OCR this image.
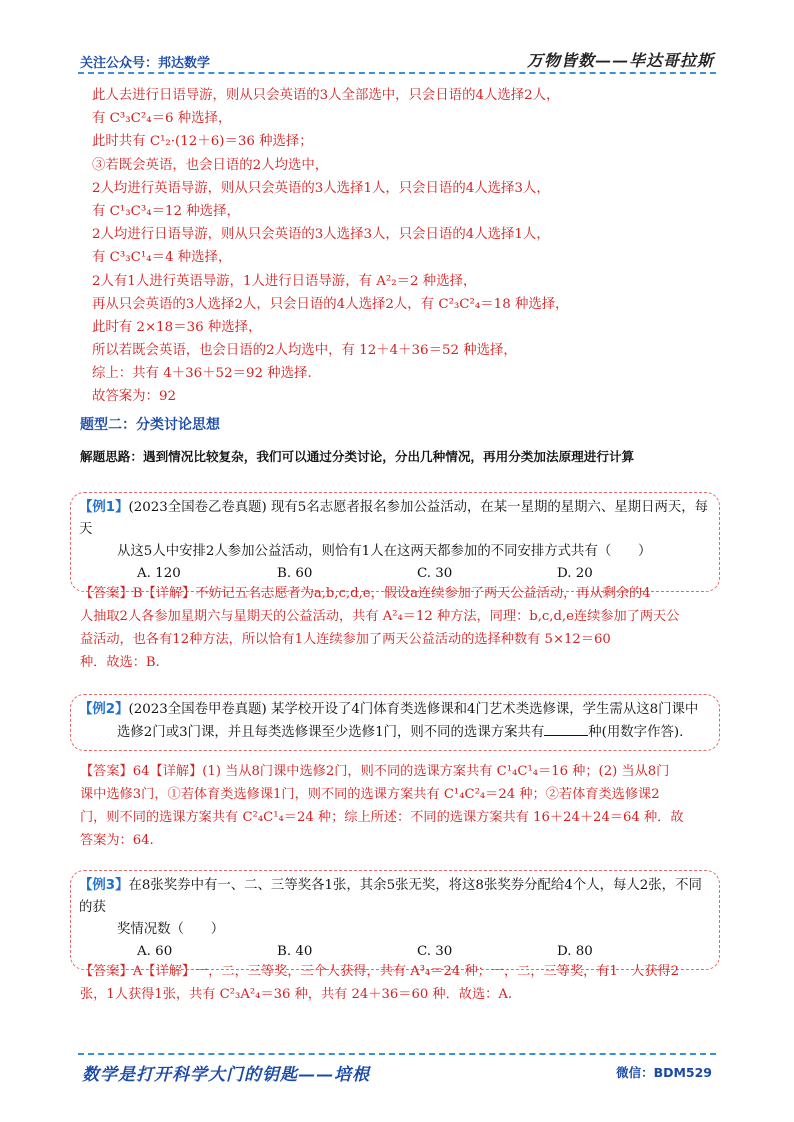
关注公众号：邦达数学	万物皆数——毕达哥拉斯
此人去进行日语导游，则从只会英语的3人全部选中，只会日语的4人选择2人，
有 C³₃C²₄＝6 种选择，
此时共有 C¹₂·(12＋6)＝36 种选择；
③若既会英语，也会日语的2人均选中，
2人均进行英语导游，则从只会英语的3人选择1人，只会日语的4人选择3人，
有 C¹₃C³₄＝12 种选择，
2人均进行日语导游，则从只会英语的3人选择3人，只会日语的4人选择1人，
有 C³₃C¹₄＝4 种选择，
2人有1人进行英语导游，1人进行日语导游，有 A²₂＝2 种选择，
再从只会英语的3人选择2人，只会日语的4人选择2人，有 C²₃C²₄＝18 种选择，
此时有 2×18＝36 种选择，
所以若既会英语，也会日语的2人均选中，有 12＋4＋36＝52 种选择，
综上：共有 4＋36＋52＝92 种选择.
故答案为：92
题型二：分类讨论思想
解题思路：遇到情况比较复杂，我们可以通过分类讨论，分出几种情况，再用分类加法原理进行计算
【例1】(2023全国卷乙卷真题) 现有5名志愿者报名参加公益活动，在某一星期的星期六、星期日两天，每天
从这5人中安排2人参加公益活动，则恰有1人在这两天都参加的不同安排方式共有（　　）
A. 120	B. 60	C. 30	D. 20
【答案】B【详解】不妨记五名志愿者为a,b,c,d,e，假设a连续参加了两天公益活动，再从剩余的4
人抽取2人各参加星期六与星期天的公益活动，共有 A²₄＝12 种方法，同理：b,c,d,e连续参加了两天公
益活动，也各有12种方法，所以恰有1人连续参加了两天公益活动的选择种数有 5×12＝60
种．故选：B.
【例2】(2023全国卷甲卷真题) 某学校开设了4门体育类选修课和4门艺术类选修课，学生需从这8门课中
选修2门或3门课，并且每类选修课至少选修1门，则不同的选课方案共有	种(用数字作答).
【答案】64【详解】(1) 当从8门课中选修2门，则不同的选课方案共有 C¹₄C¹₄＝16 种；(2) 当从8门
课中选修3门，①若体育类选修课1门，则不同的选课方案共有 C¹₄C²₄＝24 种；②若体育类选修课2
门，则不同的选课方案共有 C²₄C¹₄＝24 种；综上所述：不同的选课方案共有 16＋24＋24＝64 种．故
答案为：64.
【例3】在8张奖券中有一、二、三等奖各1张，其余5张无奖，将这8张奖券分配给4个人，每人2张，不同的获
奖情况数（　　）
A. 60	B. 40	C. 30	D. 80
【答案】A【详解】一，二，三等奖，三个人获得，共有 A³₄＝24 种；一，二，三等奖，有1　人获得2
张，1人获得1张，共有 C²₃A²₄＝36 种，共有 24＋36＝60 种．故选：A.
数学是打开科学大门的钥匙——培根	微信：BDM529
